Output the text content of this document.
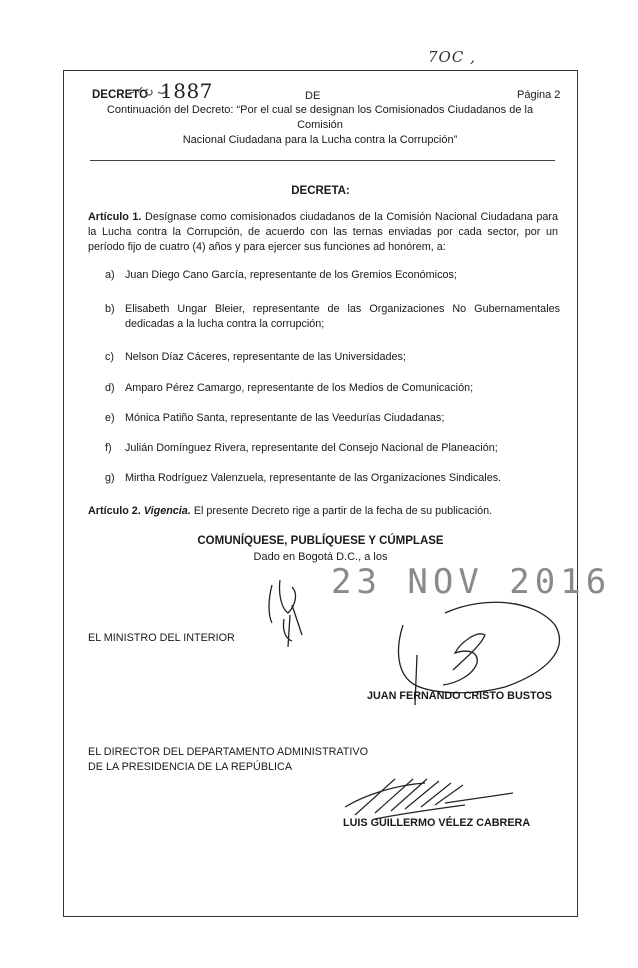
7OC ,
DECRETO 1887	DE	Página 2
Continuación del Decreto: “Por el cual se designan los Comisionados Ciudadanos de la Comisión
Nacional Ciudadana para la Lucha contra la Corrupción”
DECRETA:
Artículo 1. Desígnase como comisionados ciudadanos de la Comisión Nacional Ciudadana para la Lucha contra la Corrupción, de acuerdo con las ternas enviadas por cada sector, por un período fijo de cuatro (4) años y para ejercer sus funciones ad honórem, a:
a) Juan Diego Cano García, representante de los Gremios Económicos;
b) Elisabeth Ungar Bleier, representante de las Organizaciones No Gubernamentales dedicadas a la lucha contra la corrupción;
c) Nelson Díaz Cáceres, representante de las Universidades;
d) Amparo Pérez Camargo, representante de los Medios de Comunicación;
e) Mónica Patiño Santa, representante de las Veedurías Ciudadanas;
f) Julián Domínguez Rivera, representante del Consejo Nacional de Planeación;
g) Mirtha Rodríguez Valenzuela, representante de las Organizaciones Sindicales.
Artículo 2. Vigencia. El presente Decreto rige a partir de la fecha de su publicación.
COMUNÍQUESE, PUBLÍQUESE Y CÚMPLASE
Dado en Bogotá D.C., a los
23 NOV 2016
EL MINISTRO DEL INTERIOR
JUAN FERNANDO CRISTO BUSTOS
EL DIRECTOR DEL DEPARTAMENTO ADMINISTRATIVO
DE LA PRESIDENCIA DE LA REPÚBLICA
LUIS GUILLERMO VÉLEZ CABRERA
